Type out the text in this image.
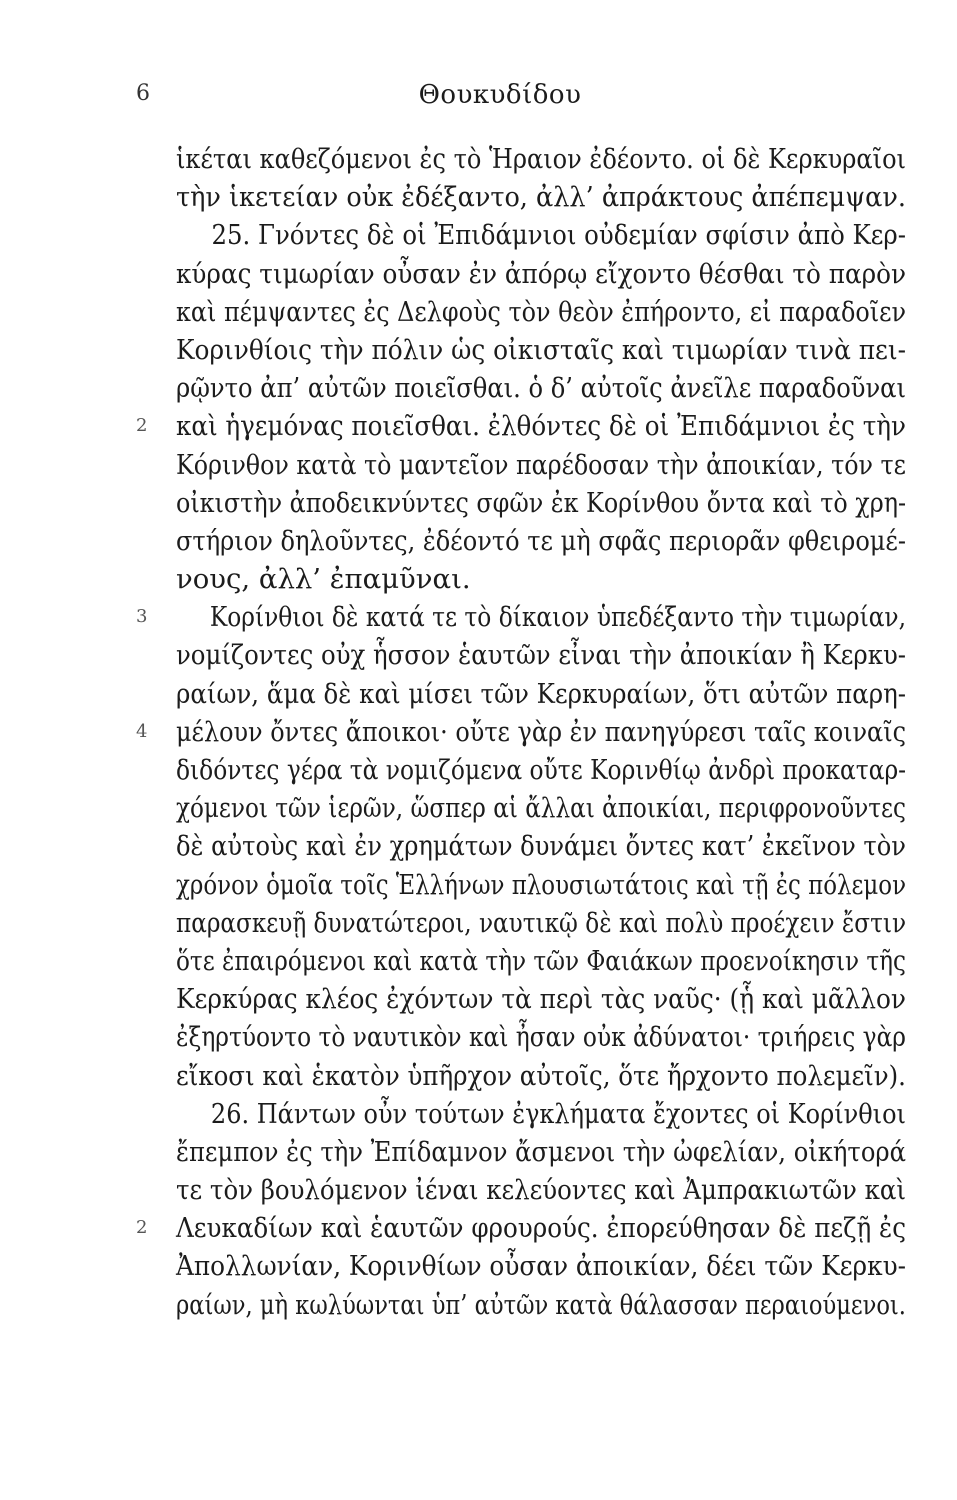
6	Θουκυδίδου
ἱκέται καθεζόμενοι ἐς τὸ Ἡραιον ἐδέοντο. οἱ δὲ Κερκυραῖοι
τὴν ἱκετείαν οὐκ ἐδέξαντο, ἀλλ’ ἀπράκτους ἀπέπεμψαν.
25. Γνόντες δὲ οἱ Ἐπιδάμνιοι οὐδεμίαν σφίσιν ἀπὸ Κερ-
κύρας τιμωρίαν οὖσαν ἐν ἀπόρῳ εἴχοντο θέσθαι τὸ παρὸν
καὶ πέμψαντες ἐς Δελφοὺς τὸν θεὸν ἐπήροντο, εἰ παραδοῖεν
Κορινθίοις τὴν πόλιν ὡς οἰκισταῖς καὶ τιμωρίαν τινὰ πει-
ρῷντο ἀπ’ αὐτῶν ποιεῖσθαι. ὁ δ’ αὐτοῖς ἀνεῖλε παραδοῦναι
2 καὶ ἡγεμόνας ποιεῖσθαι. ἐλθόντες δὲ οἱ Ἐπιδάμνιοι ἐς τὴν
Κόρινθον κατὰ τὸ μαντεῖον παρέδοσαν τὴν ἀποικίαν, τόν τε
οἰκιστὴν ἀποδεικνύντες σφῶν ἐκ Κορίνθου ὄντα καὶ τὸ χρη-
στήριον δηλοῦντες, ἐδέοντό τε μὴ σφᾶς περιορᾶν φθειρομέ-
νους, ἀλλ’ ἐπαμῦναι.
3 Κορίνθιοι δὲ κατά τε τὸ δίκαιον ὑπεδέξαντο τὴν τιμωρίαν,
νομίζοντες οὐχ ἧσσον ἑαυτῶν εἶναι τὴν ἀποικίαν ἢ Κερκυ-
ραίων, ἅμα δὲ καὶ μίσει τῶν Κερκυραίων, ὅτι αὐτῶν παρη-
4 μέλουν ὄντες ἄποικοι· οὔτε γὰρ ἐν πανηγύρεσι ταῖς κοιναῖς
διδόντες γέρα τὰ νομιζόμενα οὔτε Κορινθίῳ ἀνδρὶ προκαταρ-
χόμενοι τῶν ἱερῶν, ὥσπερ αἱ ἄλλαι ἀποικίαι, περιφρονοῦντες
δὲ αὐτοὺς καὶ ἐν χρημάτων δυνάμει ὄντες κατ’ ἐκεῖνον τὸν
χρόνον ὁμοῖα τοῖς Ἑλλήνων πλουσιωτάτοις καὶ τῇ ἐς πόλεμον
παρασκευῇ δυνατώτεροι, ναυτικῷ δὲ καὶ πολὺ προέχειν ἔστιν
ὅτε ἐπαιρόμενοι καὶ κατὰ τὴν τῶν Φαιάκων προενοίκησιν τῆς
Κερκύρας κλέος ἐχόντων τὰ περὶ τὰς ναῦς· (ᾗ καὶ μᾶλλον
ἐξηρτύοντο τὸ ναυτικὸν καὶ ἦσαν οὐκ ἀδύνατοι· τριήρεις γὰρ
εἴκοσι καὶ ἑκατὸν ὑπῆρχον αὐτοῖς, ὅτε ἤρχοντο πολεμεῖν).
26. Πάντων οὖν τούτων ἐγκλήματα ἔχοντες οἱ Κορίνθιοι
ἔπεμπον ἐς τὴν Ἐπίδαμνον ἄσμενοι τὴν ὠφελίαν, οἰκήτορά
τε τὸν βουλόμενον ἰέναι κελεύοντες καὶ Ἀμπρακιωτῶν καὶ
2 Λευκαδίων καὶ ἑαυτῶν φρουρούς. ἐπορεύθησαν δὲ πεζῇ ἐς
Ἀπολλωνίαν, Κορινθίων οὖσαν ἀποικίαν, δέει τῶν Κερκυ-
ραίων, μὴ κωλύωνται ὑπ’ αὐτῶν κατὰ θάλασσαν περαιούμενοι.
